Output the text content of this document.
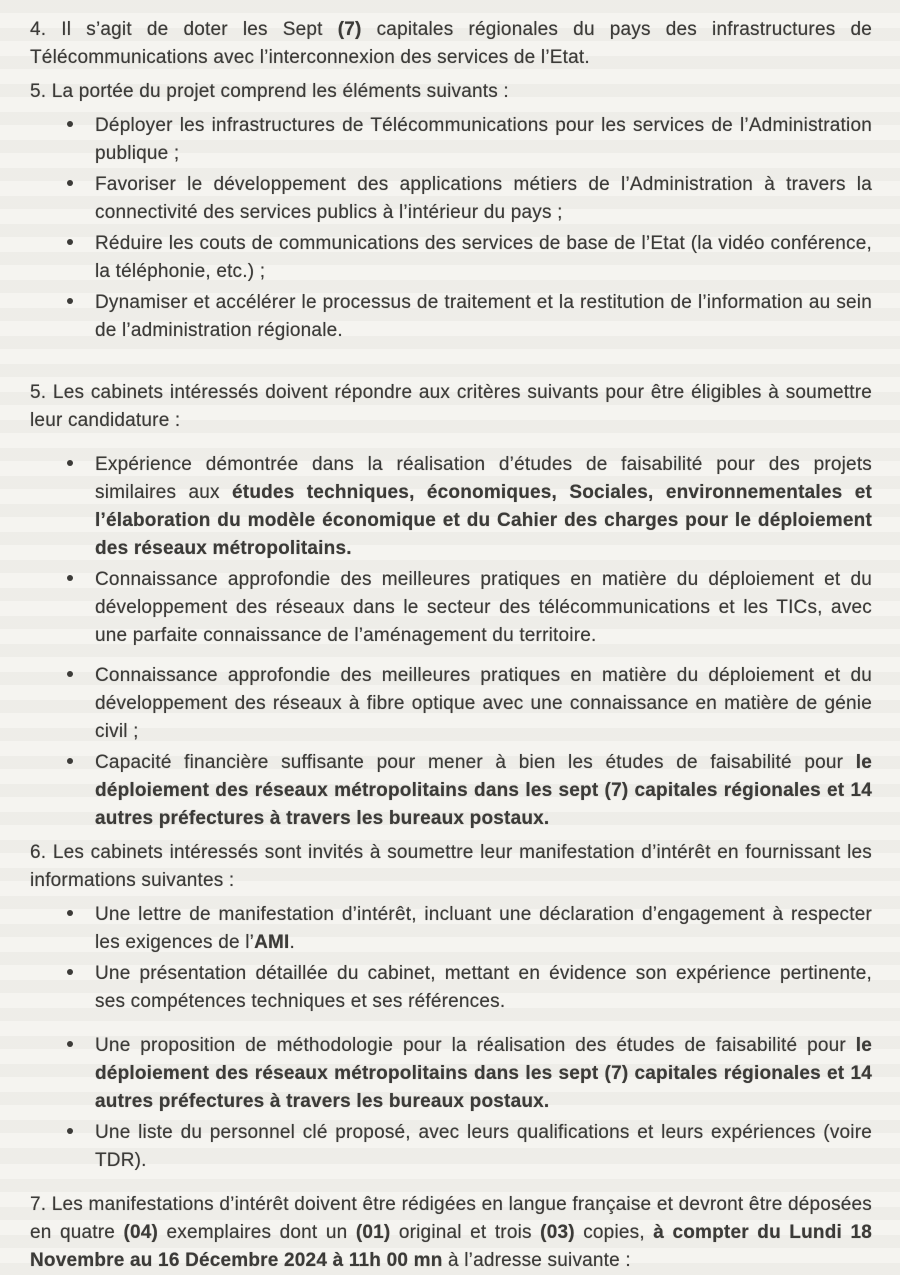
4. Il s’agit de doter les Sept (7) capitales régionales du pays des infrastructures de Télécommunications avec l’interconnexion des services de l’Etat.

5. La portée du projet comprend les éléments suivants :

Déployer les infrastructures de Télécommunications pour les services de l’Administration publique ;
Favoriser le développement des applications métiers de l’Administration à travers la connectivité des services publics à l’intérieur du pays ;
Réduire les couts de communications des services de base de l’Etat (la vidéo conférence, la téléphonie, etc.) ;
Dynamiser et accélérer le processus de traitement et la restitution de l’information au sein de l’administration régionale.

5. Les cabinets intéressés doivent répondre aux critères suivants pour être éligibles à soumettre leur candidature :

Expérience démontrée dans la réalisation d’études de faisabilité pour des projets similaires aux études techniques, économiques, Sociales, environnementales et l’élaboration du modèle économique et du Cahier des charges pour le déploiement des réseaux métropolitains.
Connaissance approfondie des meilleures pratiques en matière du déploiement et du développement des réseaux dans le secteur des télécommunications et les TICs, avec une parfaite connaissance de l’aménagement du territoire.
Connaissance approfondie des meilleures pratiques en matière du déploiement et du développement des réseaux à fibre optique avec une connaissance en matière de génie civil ;
Capacité financière suffisante pour mener à bien les études de faisabilité pour le déploiement des réseaux métropolitains dans les sept (7) capitales régionales et 14 autres préfectures à travers les bureaux postaux.

6. Les cabinets intéressés sont invités à soumettre leur manifestation d’intérêt en fournissant les informations suivantes :

Une lettre de manifestation d’intérêt, incluant une déclaration d’engagement à respecter les exigences de l’AMI.
Une présentation détaillée du cabinet, mettant en évidence son expérience pertinente, ses compétences techniques et ses références.
Une proposition de méthodologie pour la réalisation des études de faisabilité pour le déploiement des réseaux métropolitains dans les sept (7) capitales régionales et 14 autres préfectures à travers les bureaux postaux.
Une liste du personnel clé proposé, avec leurs qualifications et leurs expériences (voire TDR).

7. Les manifestations d’intérêt doivent être rédigées en langue française et devront être déposées en quatre (04) exemplaires dont un (01) original et trois (03) copies, à compter du Lundi 18 Novembre au 16 Décembre 2024 à 11h 00 mn à l’adresse suivante :
